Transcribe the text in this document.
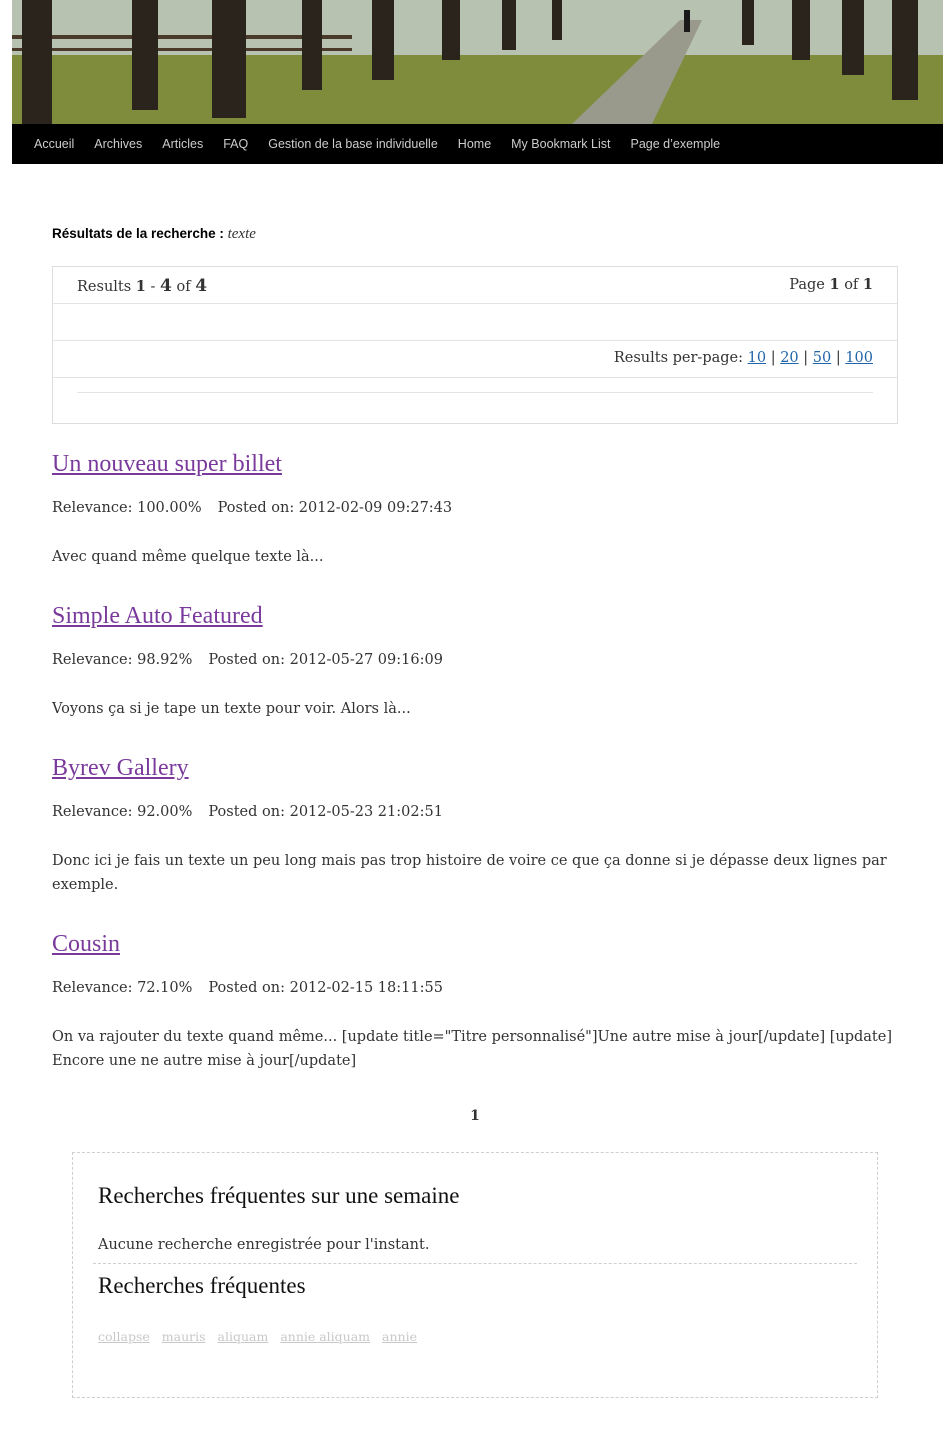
Accueil	Archives	Articles	FAQ	Gestion de la base individuelle	Home	My Bookmark List	Page d’exemple
Résultats de la recherche : texte
Results 1 - 4 of 4	Page 1 of 1
Results per-page: 10 | 20 | 50 | 100
Un nouveau super billet
Relevance: 100.00% Posted on: 2012-02-09 09:27:43
Avec quand même quelque texte là...
Simple Auto Featured
Relevance: 98.92% Posted on: 2012-05-27 09:16:09
Voyons ça si je tape un texte pour voir. Alors là...
Byrev Gallery
Relevance: 92.00% Posted on: 2012-05-23 21:02:51
Donc ici je fais un texte un peu long mais pas trop histoire de voire ce que ça donne si je dépasse deux lignes par exemple.
Cousin
Relevance: 72.10% Posted on: 2012-02-15 18:11:55
On va rajouter du texte quand même... [update title="Titre personnalisé"]Une autre mise à jour[/update] [update] Encore une ne autre mise à jour[/update]
1
Recherches fréquentes sur une semaine
Aucune recherche enregistrée pour l'instant.
Recherches fréquentes
collapse mauris aliquam annie aliquam annie
